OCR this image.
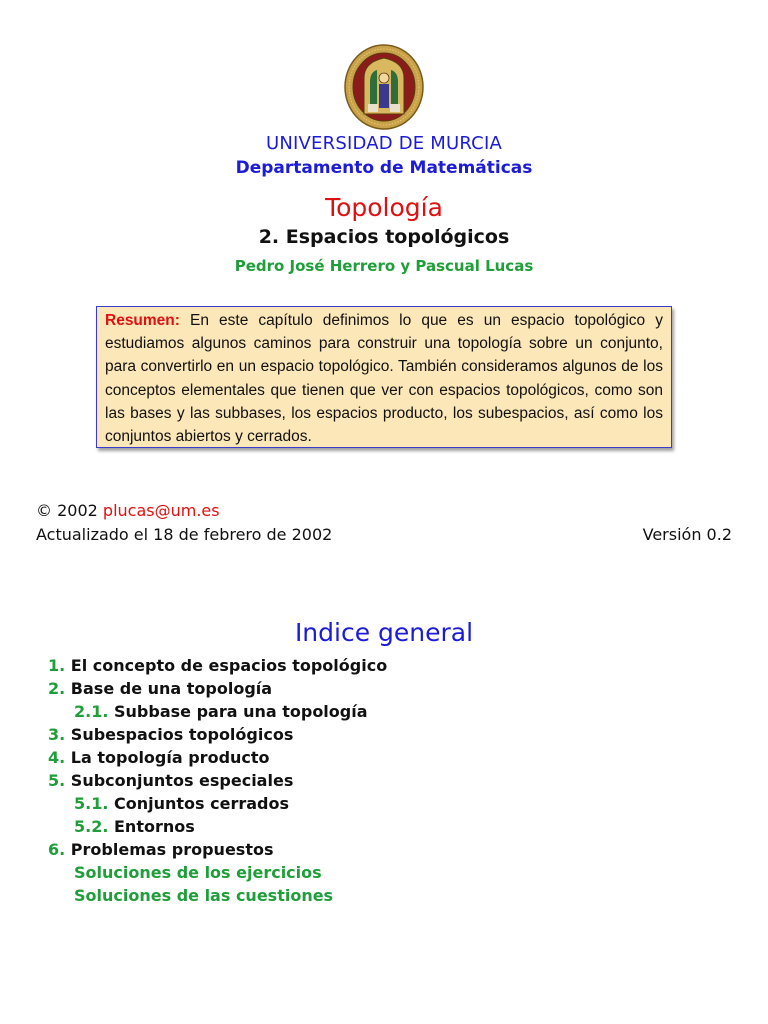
UNIVERSIDAD DE MURCIA
Departamento de Matemáticas
Topología
2. Espacios topológicos
Pedro José Herrero y Pascual Lucas
Resumen: En este capítulo definimos lo que es un espacio topológico y estudiamos algunos caminos para construir una topología sobre un conjunto, para convertirlo en un espacio topológico. También consideramos algunos de los conceptos elementales que tienen que ver con espacios topológicos, como son las bases y las subbases, los espacios producto, los subespacios, así como los conjuntos abiertos y cerrados.
© 2002 plucas@um.es
Actualizado el 18 de febrero de 2002	Versión 0.2
Indice general
1. El concepto de espacios topológico
2. Base de una topología
2.1. Subbase para una topología
3. Subespacios topológicos
4. La topología producto
5. Subconjuntos especiales
5.1. Conjuntos cerrados
5.2. Entornos
6. Problemas propuestos
Soluciones de los ejercicios
Soluciones de las cuestiones
